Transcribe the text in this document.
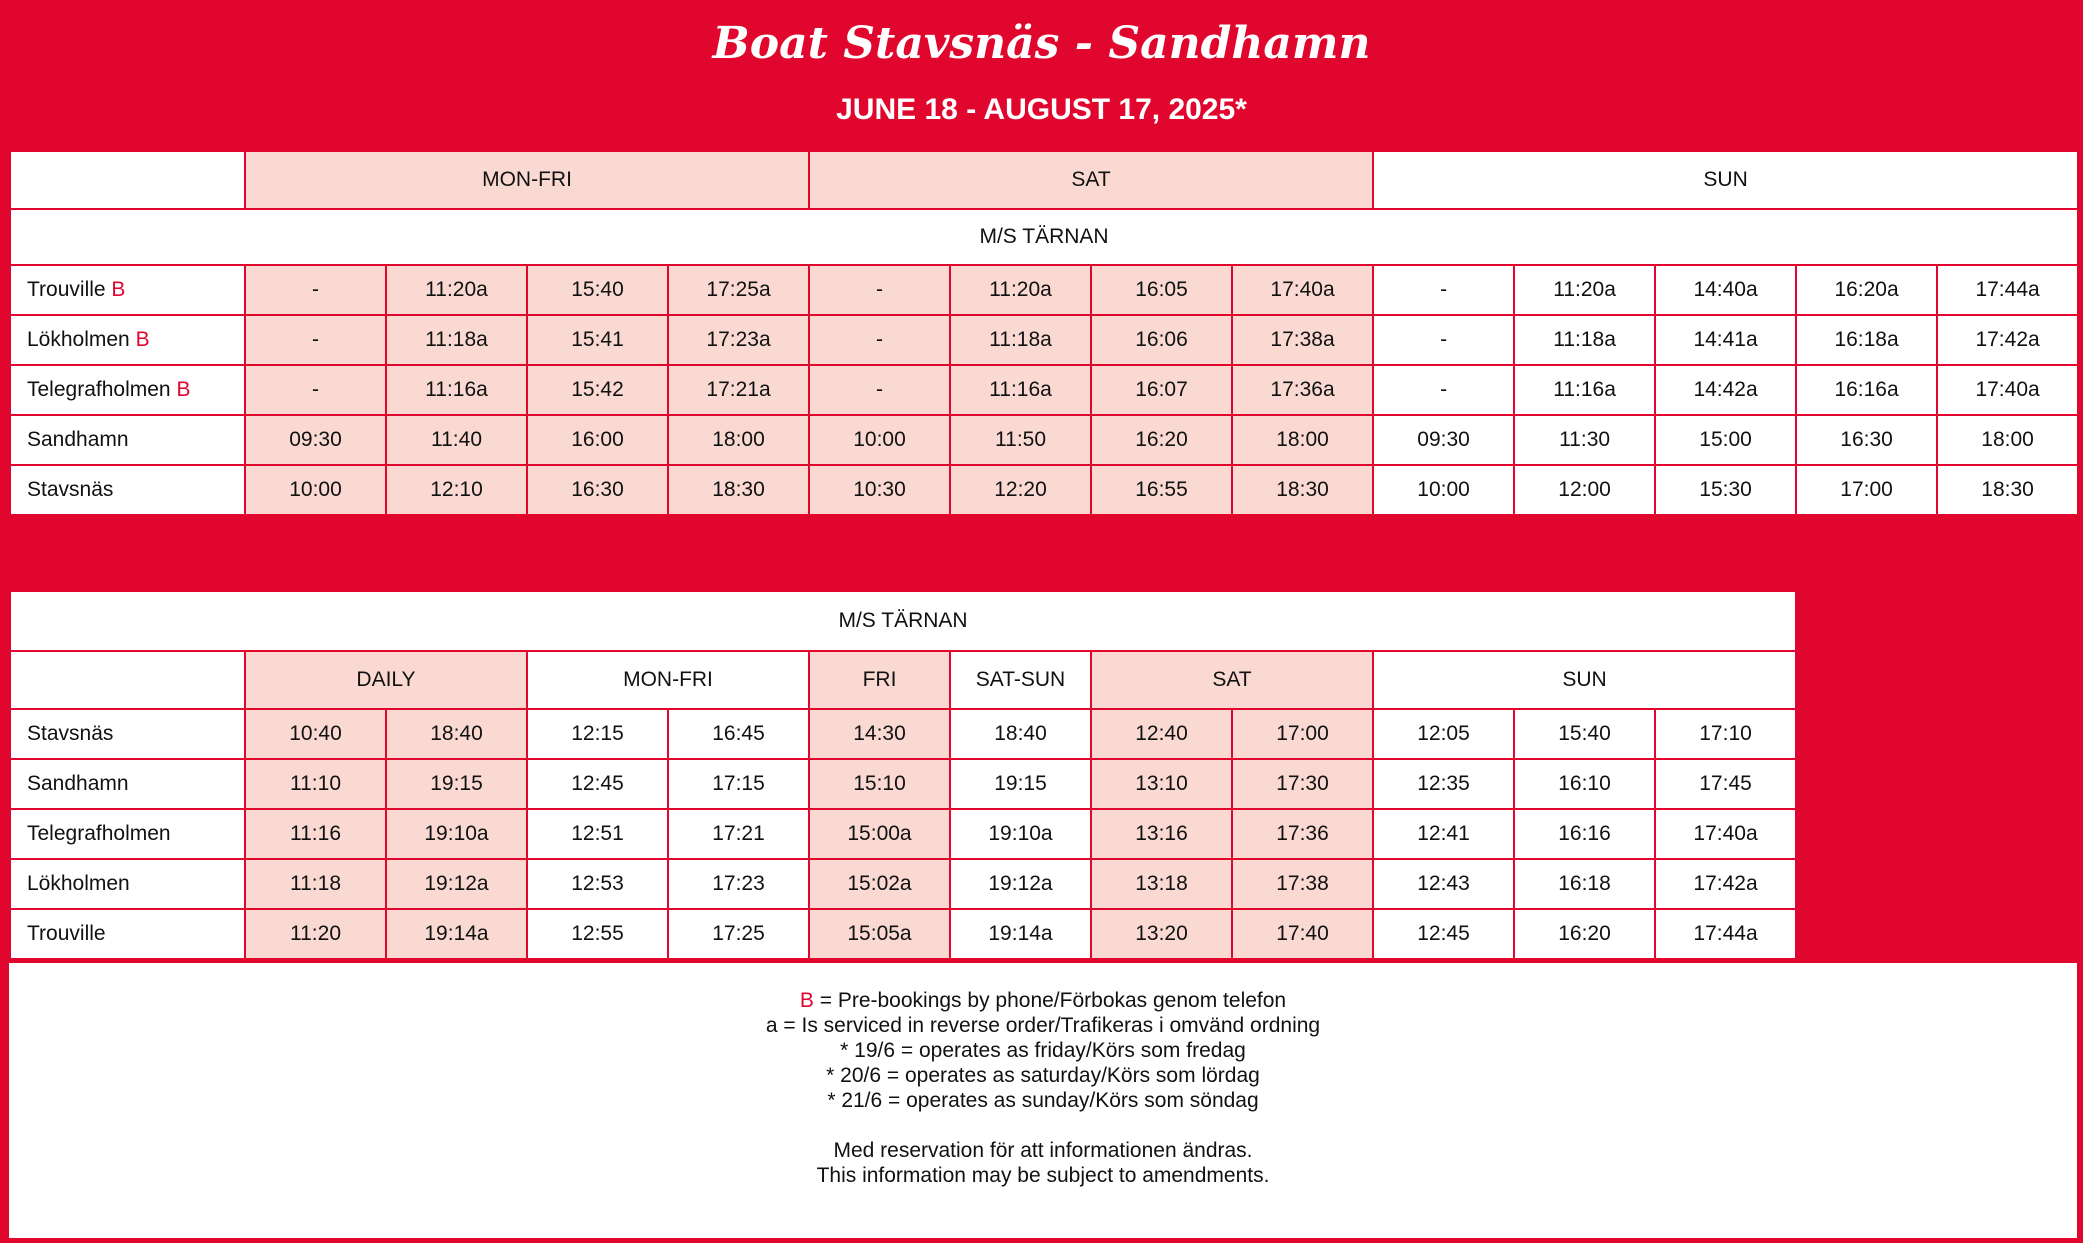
Boat Stavsnäs - Sandhamn
JUNE 18 - AUGUST 17, 2025*
	MON-FRI				SAT				SUN				
M/S TÄRNAN													
Trouville B	-	11:20a	15:40	17:25a	-	11:20a	16:05	17:40a	-	11:20a	14:40a	16:20a	17:44a
Lökholmen B	-	11:18a	15:41	17:23a	-	11:18a	16:06	17:38a	-	11:18a	14:41a	16:18a	17:42a
Telegrafholmen B	-	11:16a	15:42	17:21a	-	11:16a	16:07	17:36a	-	11:16a	14:42a	16:16a	17:40a
Sandhamn	09:30	11:40	16:00	18:00	10:00	11:50	16:20	18:00	09:30	11:30	15:00	16:30	18:00
Stavsnäs	10:00	12:10	16:30	18:30	10:30	12:20	16:55	18:30	10:00	12:00	15:30	17:00	18:30
M/S TÄRNAN											
	DAILY		MON-FRI		FRI	SAT-SUN	SAT		SUN		
Stavsnäs	10:40	18:40	12:15	16:45	14:30	18:40	12:40	17:00	12:05	15:40	17:10
Sandhamn	11:10	19:15	12:45	17:15	15:10	19:15	13:10	17:30	12:35	16:10	17:45
Telegrafholmen	11:16	19:10a	12:51	17:21	15:00a	19:10a	13:16	17:36	12:41	16:16	17:40a
Lökholmen	11:18	19:12a	12:53	17:23	15:02a	19:12a	13:18	17:38	12:43	16:18	17:42a
Trouville	11:20	19:14a	12:55	17:25	15:05a	19:14a	13:20	17:40	12:45	16:20	17:44a
B = Pre-bookings by phone/Förbokas genom telefon
a = Is serviced in reverse order/Trafikeras i omvänd ordning
* 19/6 = operates as friday/Körs som fredag
* 20/6 = operates as saturday/Körs som lördag
* 21/6 = operates as sunday/Körs som söndag
Med reservation för att informationen ändras.
This information may be subject to amendments.
